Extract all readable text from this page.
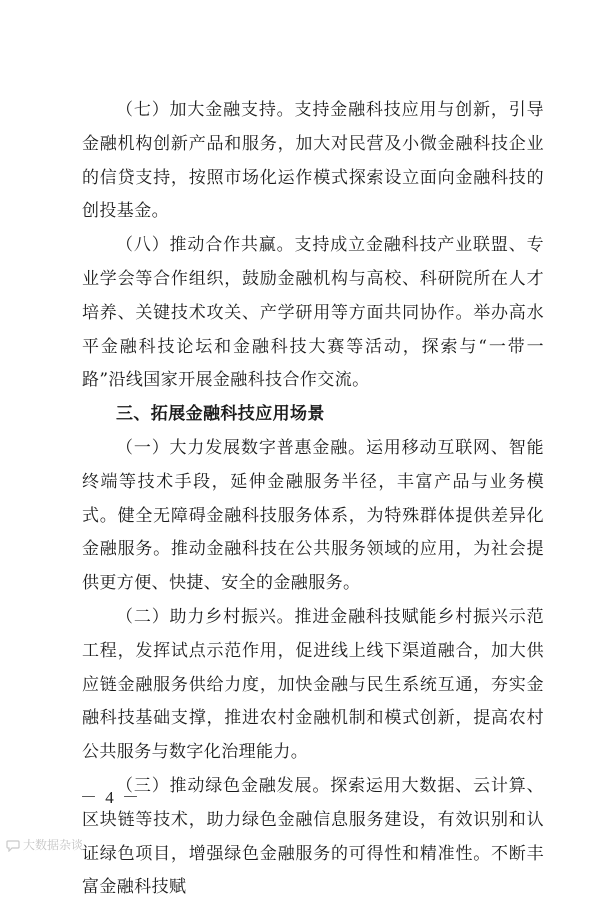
（七）加大金融支持。支持金融科技应用与创新，引导金融机构创新产品和服务，加大对民营及小微金融科技企业的信贷支持，按照市场化运作模式探索设立面向金融科技的创投基金。

（八）推动合作共赢。支持成立金融科技产业联盟、专业学会等合作组织，鼓励金融机构与高校、科研院所在人才培养、关键技术攻关、产学研用等方面共同协作。举办高水平金融科技论坛和金融科技大赛等活动，探索与“一带一路”沿线国家开展金融科技合作交流。

三、拓展金融科技应用场景

（一）大力发展数字普惠金融。运用移动互联网、智能终端等技术手段，延伸金融服务半径，丰富产品与业务模式。健全无障碍金融科技服务体系，为特殊群体提供差异化金融服务。推动金融科技在公共服务领域的应用，为社会提供更方便、快捷、安全的金融服务。

（二）助力乡村振兴。推进金融科技赋能乡村振兴示范工程，发挥试点示范作用，促进线上线下渠道融合，加大供应链金融服务供给力度，加快金融与民生系统互通，夯实金融科技基础支撑，推进农村金融机制和模式创新，提高农村公共服务与数字化治理能力。

（三）推动绿色金融发展。探索运用大数据、云计算、区块链等技术，助力绿色金融信息服务建设，有效识别和认证绿色项目，增强绿色金融服务的可得性和精准性。不断丰富金融科技赋

－ 4 －
大数据杂谈
